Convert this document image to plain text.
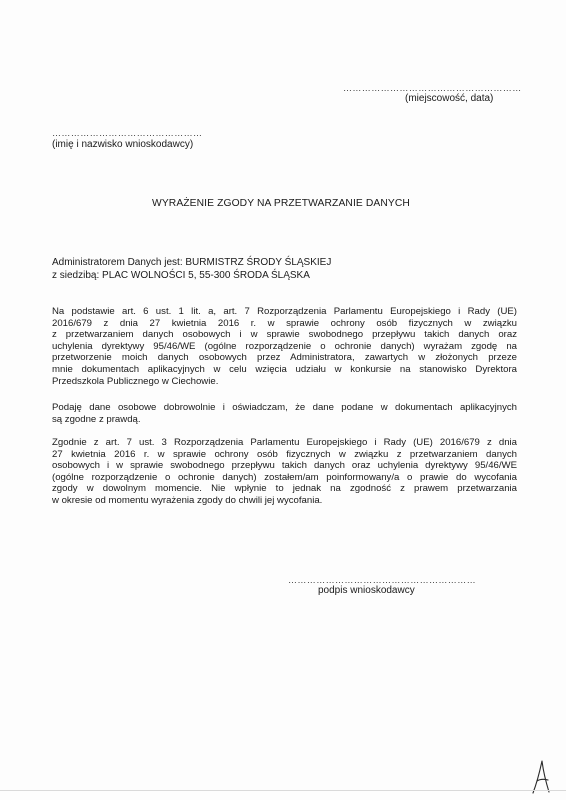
…………………………………………………
(miejscowość, data)
…………………………………………
(imię i nazwisko wnioskodawcy)
WYRAŻENIE ZGODY NA PRZETWARZANIE DANYCH
Administratorem Danych jest: BURMISTRZ ŚRODY ŚLĄSKIEJ
z siedzibą: PLAC WOLNOŚCI 5, 55-300 ŚRODA ŚLĄSKA
Na podstawie art. 6 ust. 1 lit. a, art. 7 Rozporządzenia Parlamentu Europejskiego i Rady (UE)
2016/679 z dnia 27 kwietnia 2016 r. w sprawie ochrony osób fizycznych w związku
z przetwarzaniem danych osobowych i w sprawie swobodnego przepływu takich danych oraz
uchylenia dyrektywy 95/46/WE (ogólne rozporządzenie o ochronie danych) wyrażam zgodę na
przetworzenie moich danych osobowych przez Administratora, zawartych w złożonych przeze
mnie dokumentach aplikacyjnych w celu wzięcia udziału w konkursie na stanowisko Dyrektora
Przedszkola Publicznego w Ciechowie.
Podaję dane osobowe dobrowolnie i oświadczam, że dane podane w dokumentach aplikacyjnych
są zgodne z prawdą.
Zgodnie z art. 7 ust. 3 Rozporządzenia Parlamentu Europejskiego i Rady (UE) 2016/679 z dnia
27 kwietnia 2016 r. w sprawie ochrony osób fizycznych w związku z przetwarzaniem danych
osobowych i w sprawie swobodnego przepływu takich danych oraz uchylenia dyrektywy 95/46/WE
(ogólne rozporządzenie o ochronie danych) zostałem/am poinformowany/a o prawie do wycofania
zgody w dowolnym momencie. Nie wpłynie to jednak na zgodność z prawem przetwarzania
w okresie od momentu wyrażenia zgody do chwili jej wycofania.
……………………………………………………
podpis wnioskodawcy
